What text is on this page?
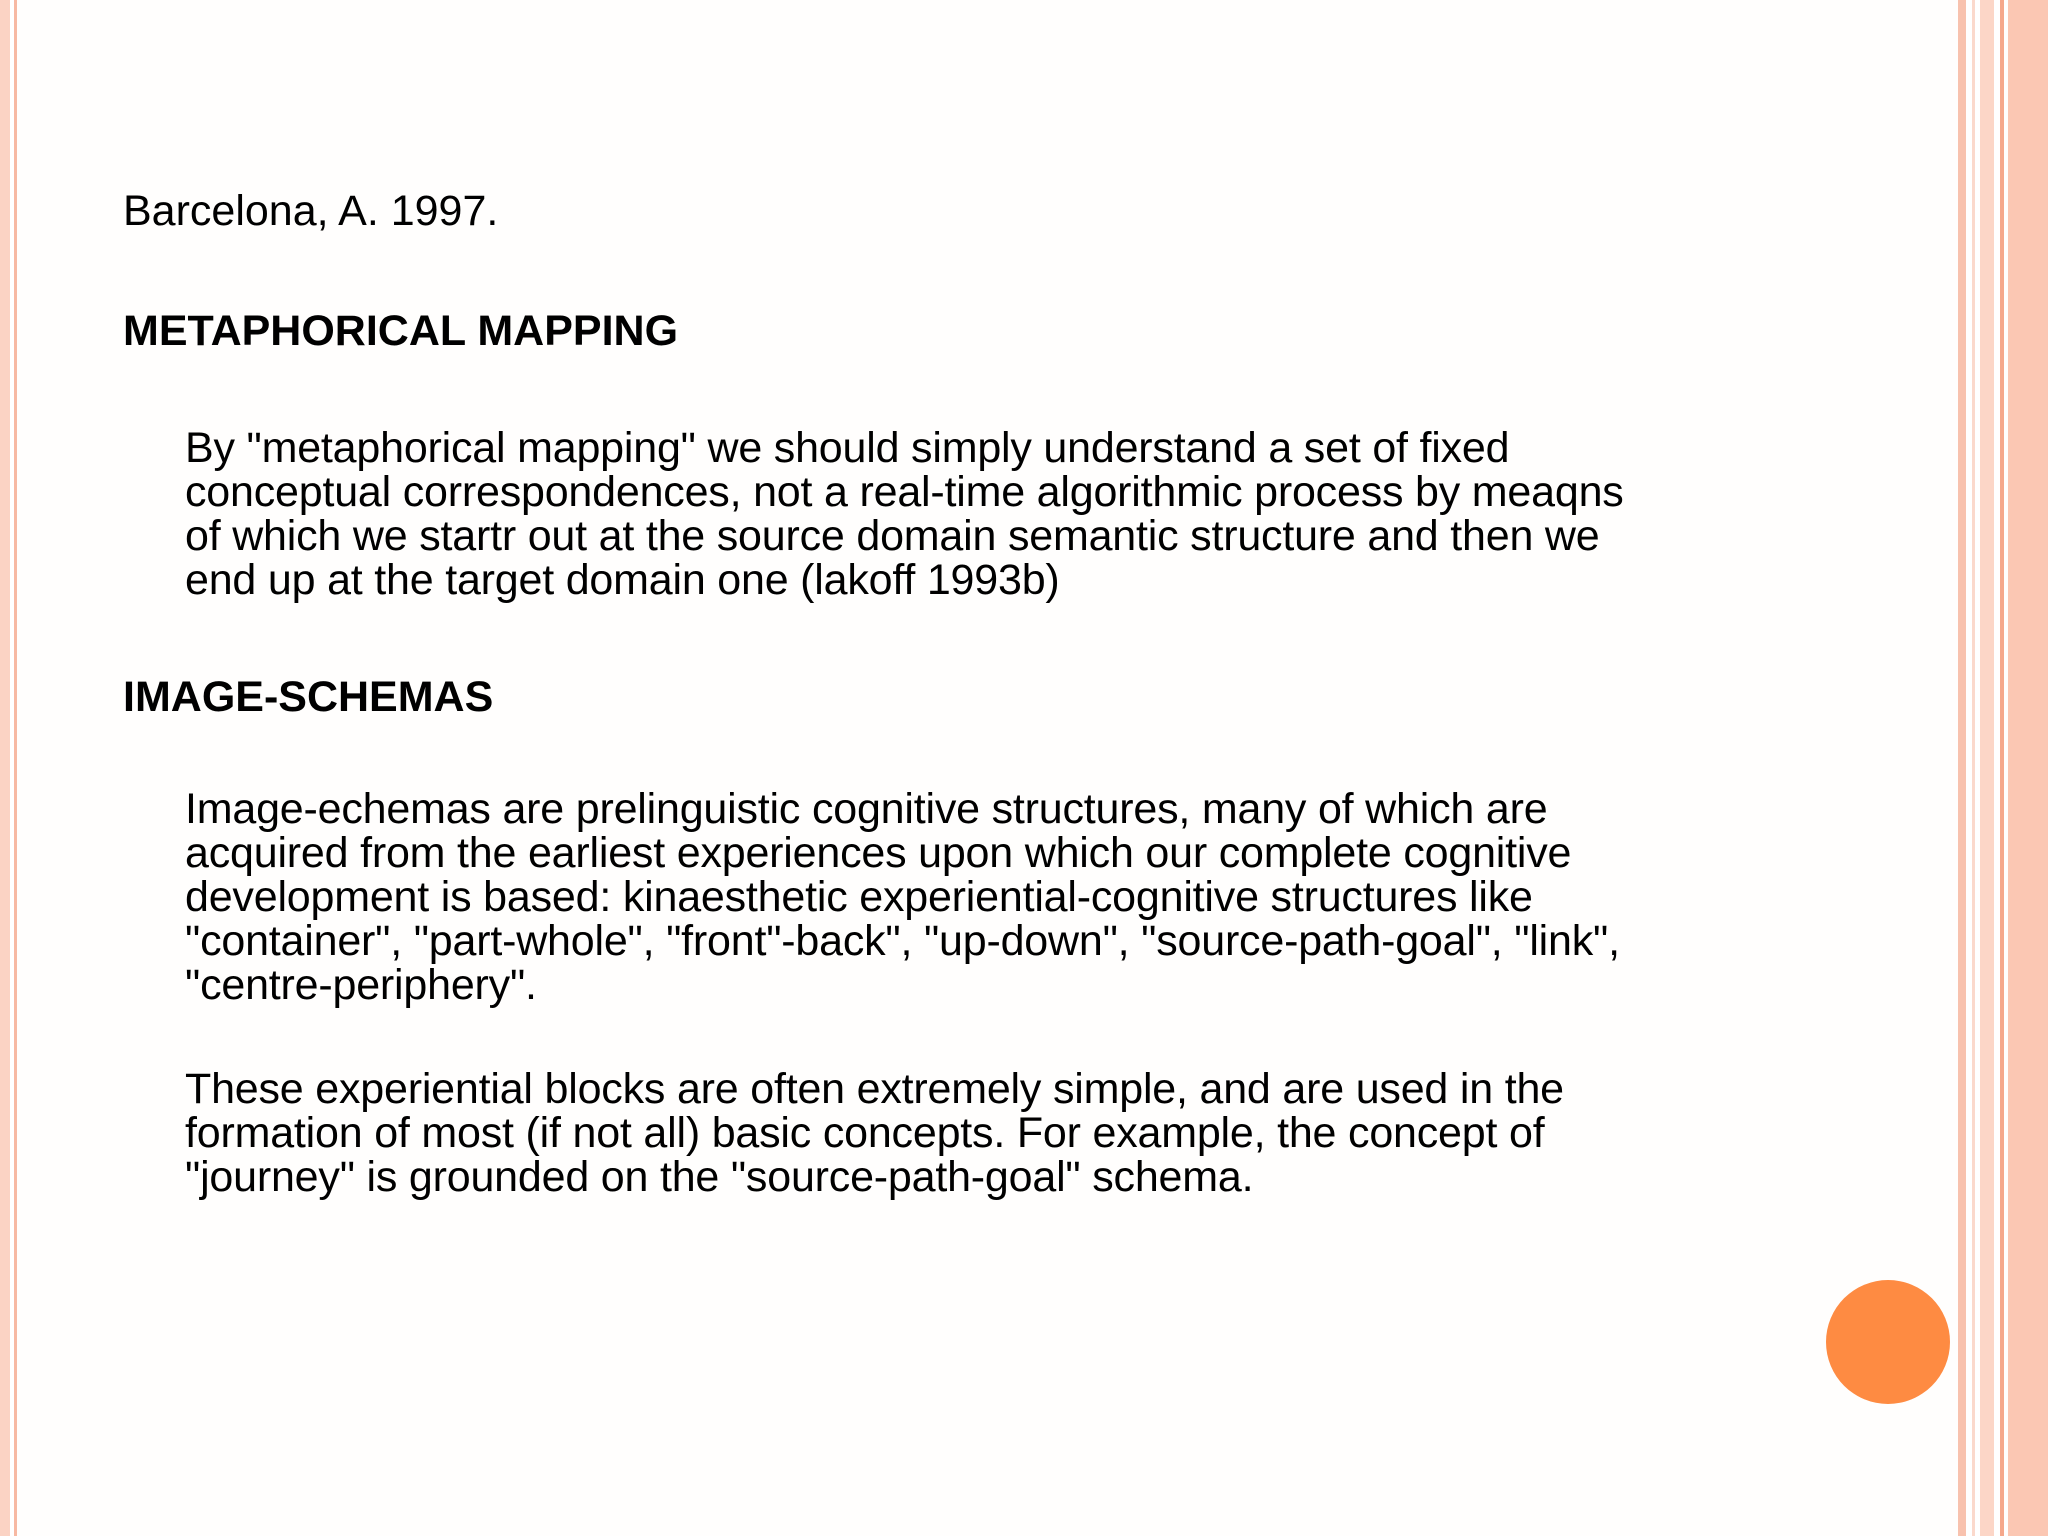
Barcelona, A. 1997.

METAPHORICAL MAPPING

By "metaphorical mapping" we should simply understand a set of fixed
conceptual correspondences, not a real-time algorithmic process by meaqns
of which we startr out at the source domain semantic structure and then we
end up at the target domain one (lakoff 1993b)

IMAGE-SCHEMAS

Image-echemas are prelinguistic cognitive structures, many of which are
acquired from the earliest experiences upon which our complete cognitive
development is based: kinaesthetic experiential-cognitive structures like
"container", "part-whole", "front"-back", "up-down", "source-path-goal", "link",
"centre-periphery".
These experiential blocks are often extremely simple, and are used in the
formation of most (if not all) basic concepts. For example, the concept of
"journey" is grounded on the "source-path-goal" schema.
